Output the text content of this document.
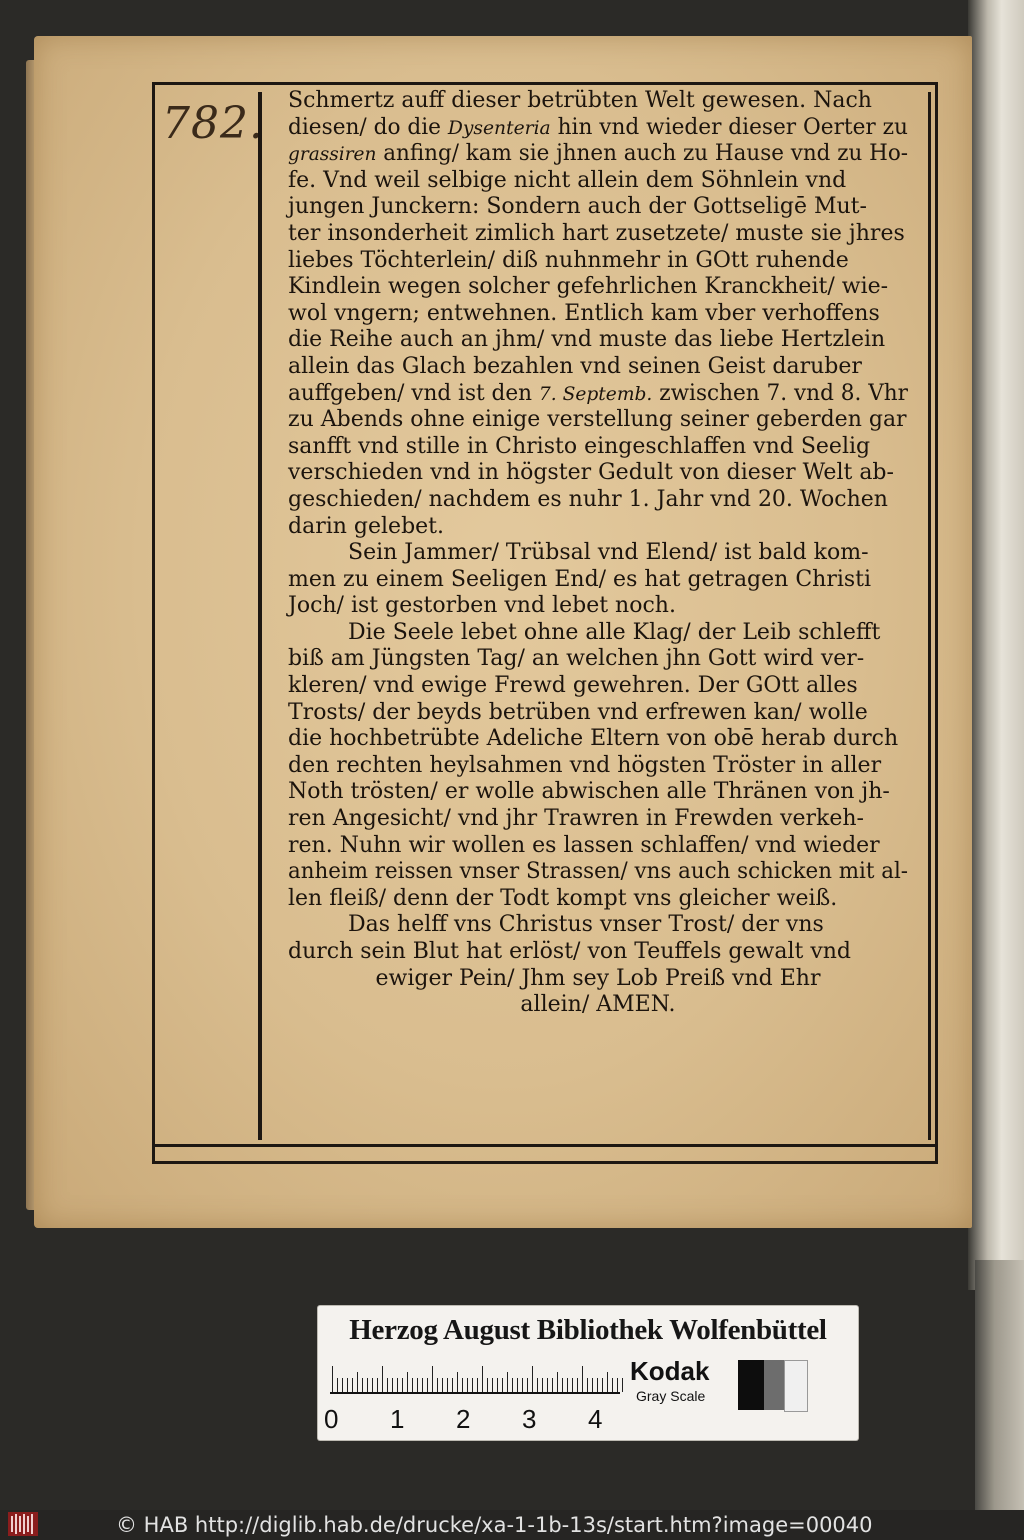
782. Schmertz auff dieser betrübten Welt gewesen. Nach
diesen/ do die Dysenteria hin vnd wieder dieser Oerter zu
grassiren anfing/ kam sie jhnen auch zu Hause vnd zu Ho-
fe. Vnd weil selbige nicht allein dem Söhnlein vnd
jungen Junckern: Sondern auch der Gottseligē Mut-
ter insonderheit zimlich hart zusetzete/ muste sie jhres
liebes Töchterlein/ diß nuhnmehr in GOtt ruhende
Kindlein wegen solcher gefehrlichen Kranckheit/ wie-
wol vngern; entwehnen. Entlich kam vber verhoffens
die Reihe auch an jhm/ vnd muste das liebe Hertzlein
allein das Glach bezahlen vnd seinen Geist daruber
auffgeben/ vnd ist den 7. Septemb. zwischen 7. vnd 8. Vhr
zu Abends ohne einige verstellung seiner geberden gar
sanfft vnd stille in Christo eingeschlaffen vnd Seelig
verschieden vnd in högster Gedult von dieser Welt ab-
geschieden/ nachdem es nuhr 1. Jahr vnd 20. Wochen
darin gelebet.
Sein Jammer/ Trübsal vnd Elend/ ist bald kom-
men zu einem Seeligen End/ es hat getragen Christi
Joch/ ist gestorben vnd lebet noch.
Die Seele lebet ohne alle Klag/ der Leib schlefft
biß am Jüngsten Tag/ an welchen jhn Gott wird ver-
kleren/ vnd ewige Frewd gewehren. Der GOtt alles
Trosts/ der beyds betrüben vnd erfrewen kan/ wolle
die hochbetrübte Adeliche Eltern von obē herab durch
den rechten heylsahmen vnd högsten Tröster in aller
Noth trösten/ er wolle abwischen alle Thränen von jh-
ren Angesicht/ vnd jhr Trawren in Frewden verkeh-
ren. Nuhn wir wollen es lassen schlaffen/ vnd wieder
anheim reissen vnser Strassen/ vns auch schicken mit al-
len fleiß/ denn der Todt kompt vns gleicher weiß.
Das helff vns Christus vnser Trost/ der vns
durch sein Blut hat erlöst/ von Teuffels gewalt vnd
ewiger Pein/ Jhm sey Lob Preiß vnd Ehr
allein/ AMEN.
Herzog August Bibliothek Wolfenbüttel
0 1 2 3 4
Kodak
Gray Scale
© HAB http://diglib.hab.de/drucke/xa-1-1b-13s/start.htm?image=00040
